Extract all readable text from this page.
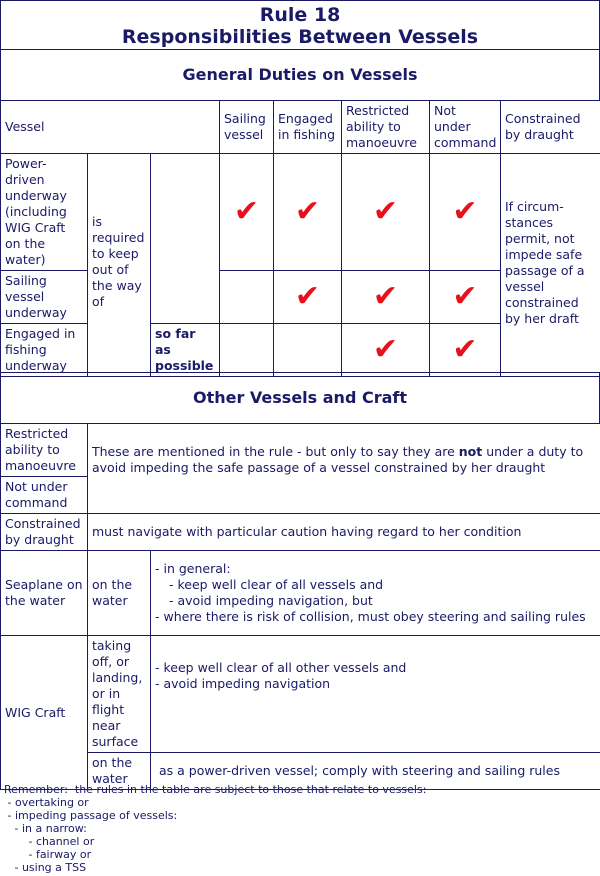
Rule 18
Responsibilities Between Vessels
General Duties on Vessels
Vessel			Sailing vessel	Engaged in fishing	Restricted ability to manoeuvre	Not under command	Constrained by draught
Power-driven underway (including WIG Craft on the water)	is required to keep out of the way of		✔	✔	✔	✔	If circum-stances permit, not impede safe passage of a vessel constrained by her draft
Sailing vessel underway				✔	✔	✔	
Engaged in fishing underway		so far as possible			✔	✔	
Other Vessels and Craft
Restricted ability to manoeuvre	These are mentioned in the rule - but only to say they are not under a duty to avoid impeding the safe passage of a vessel constrained by her draught	
Not under command		
Constrained by draught	must navigate with particular caution having regard to her condition	
Seaplane on the water	on the water	- in general:
- keep well clear of all vessels and
- avoid impeding navigation, but
- where there is risk of collision, must obey steering and sailing rules

WIG Craft	taking off, or landing, or in flight near surface	- keep well clear of all other vessels and
- avoid impeding navigation

	on the water	as a power-driven vessel; comply with steering and sailing rules
Remember:  the rules in the table are subject to those that relate to vessels:
- overtaking or
- impeding passage of vessels:
- in a narrow:
- channel or
- fairway or
- using a TSS
